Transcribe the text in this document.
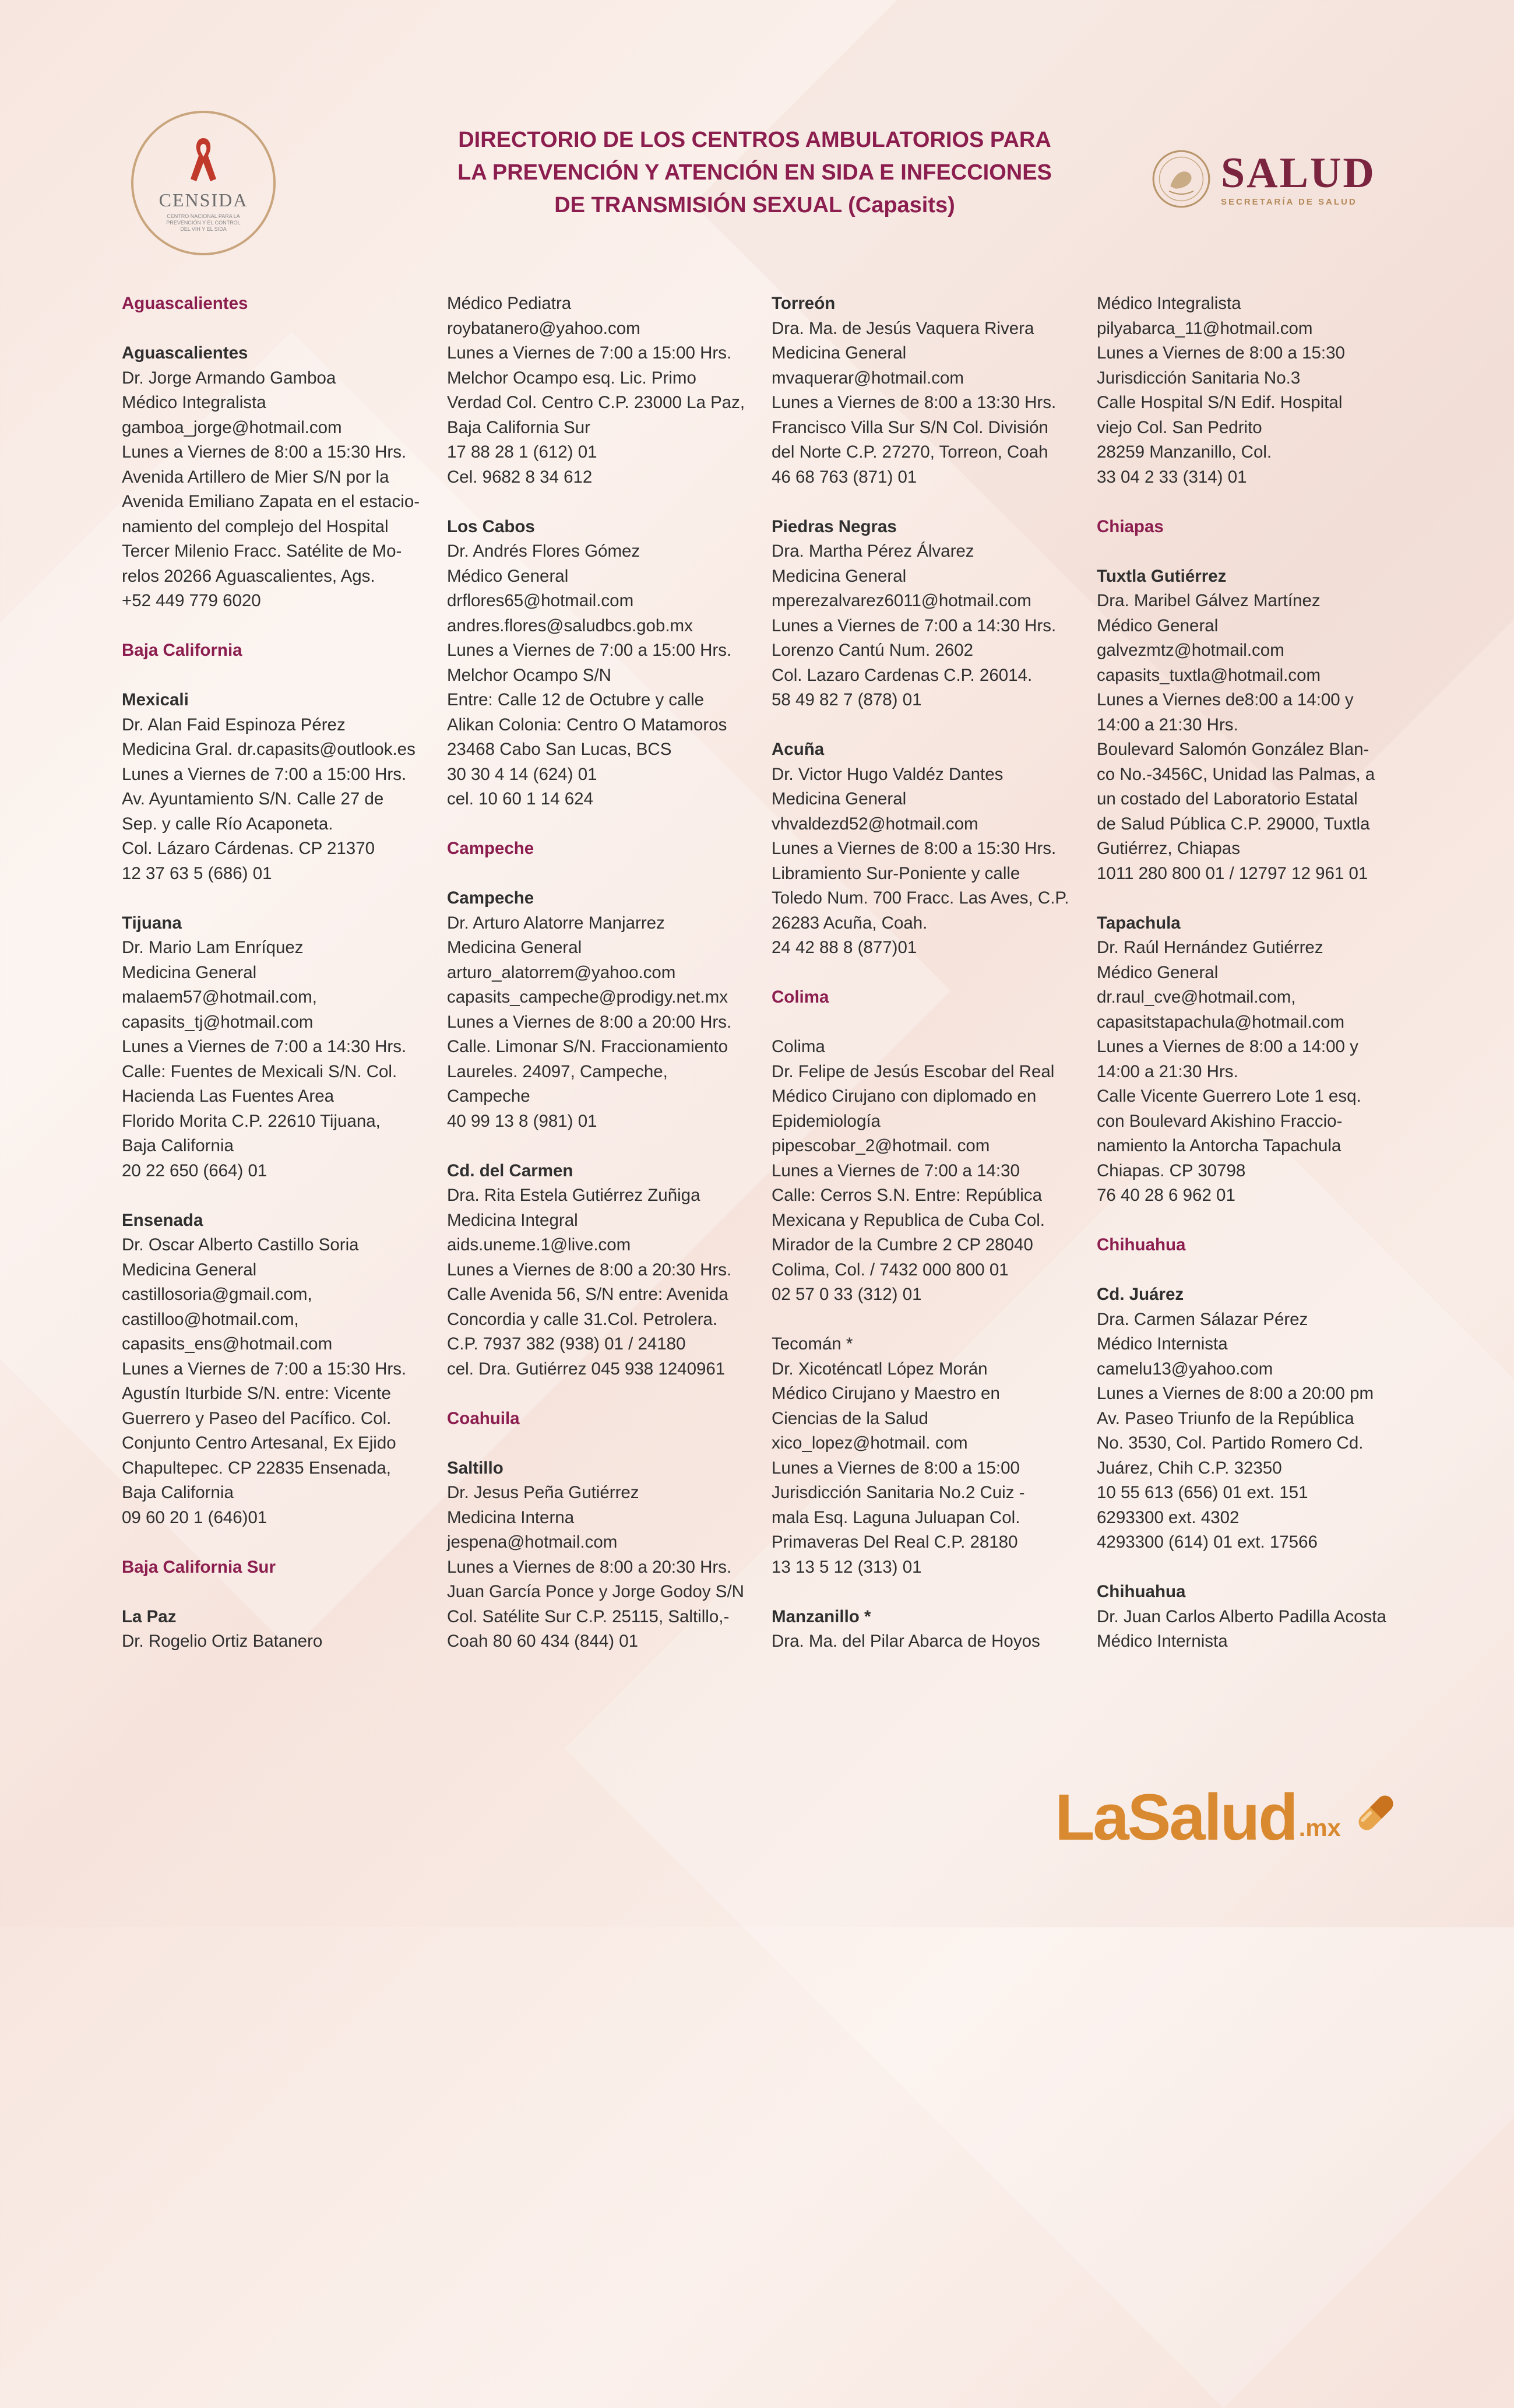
CENSIDA
CENTRO NACIONAL PARA LA PREVENCIÓN Y EL CONTROL DEL VIH Y EL SIDA
DIRECTORIO DE LOS CENTROS AMBULATORIOS PARA
LA PREVENCIÓN Y ATENCIÓN EN SIDA E INFECCIONES
DE TRANSMISIÓN SEXUAL (Capasits)
SALUD
SECRETARÍA DE SALUD
Aguascalientes
Aguascalientes
Dr. Jorge Armando Gamboa
Médico Integralista
gamboa_jorge@hotmail.com
Lunes a Viernes de 8:00 a 15:30 Hrs.
Avenida Artillero de Mier S/N por la
Avenida Emiliano Zapata en el estacio-
namiento del complejo del Hospital
Tercer Milenio Fracc. Satélite de Mo-
relos 20266 Aguascalientes, Ags.
+52 449 779 6020
Baja California
Mexicali
Dr. Alan Faid Espinoza Pérez
Medicina Gral. dr.capasits@outlook.es
Lunes a Viernes de 7:00 a 15:00 Hrs.
Av. Ayuntamiento S/N. Calle 27 de
Sep. y calle Río Acaponeta.
Col. Lázaro Cárdenas. CP 21370
12 37 63 5 (686) 01
Tijuana
Dr. Mario Lam Enríquez
Medicina General
malaem57@hotmail.com,
capasits_tj@hotmail.com
Lunes a Viernes de 7:00 a 14:30 Hrs.
Calle: Fuentes de Mexicali S/N. Col.
Hacienda Las Fuentes Area
Florido Morita C.P. 22610 Tijuana,
Baja California
20 22 650 (664) 01
Ensenada
Dr. Oscar Alberto Castillo Soria
Medicina General
castillosoria@gmail.com,
castilloo@hotmail.com,
capasits_ens@hotmail.com
Lunes a Viernes de 7:00 a 15:30 Hrs.
Agustín Iturbide S/N. entre: Vicente
Guerrero y Paseo del Pacífico. Col.
Conjunto Centro Artesanal, Ex Ejido
Chapultepec. CP 22835 Ensenada,
Baja California
09 60 20 1 (646)01
Baja California Sur
La Paz
Dr. Rogelio Ortiz Batanero
Médico Pediatra
roybatanero@yahoo.com
Lunes a Viernes de 7:00 a 15:00 Hrs.
Melchor Ocampo esq. Lic. Primo
Verdad Col. Centro C.P. 23000 La Paz,
Baja California Sur
17 88 28 1 (612) 01
Cel. 9682 8 34 612
Los Cabos
Dr. Andrés Flores Gómez
Médico General
drflores65@hotmail.com
andres.flores@saludbcs.gob.mx
Lunes a Viernes de 7:00 a 15:00 Hrs.
Melchor Ocampo S/N
Entre: Calle 12 de Octubre y calle
Alikan Colonia: Centro O Matamoros
23468 Cabo San Lucas, BCS
30 30 4 14 (624) 01
cel. 10 60 1 14 624
Campeche
Campeche
Dr. Arturo Alatorre Manjarrez
Medicina General
arturo_alatorrem@yahoo.com
capasits_campeche@prodigy.net.mx
Lunes a Viernes de 8:00 a 20:00 Hrs.
Calle. Limonar S/N. Fraccionamiento
Laureles. 24097, Campeche,
Campeche
40 99 13 8 (981) 01
Cd. del Carmen
Dra. Rita Estela Gutiérrez Zuñiga
Medicina Integral
aids.uneme.1@live.com
Lunes a Viernes de 8:00 a 20:30 Hrs.
Calle Avenida 56, S/N entre: Avenida
Concordia y calle 31.Col. Petrolera.
C.P. 7937 382 (938) 01 / 24180
cel. Dra. Gutiérrez 045 938 1240961
Coahuila
Saltillo
Dr. Jesus Peña Gutiérrez
Medicina Interna
jespena@hotmail.com
Lunes a Viernes de 8:00 a 20:30 Hrs.
Juan García Ponce y Jorge Godoy S/N
Col. Satélite Sur C.P. 25115, Saltillo,-
Coah 80 60 434 (844) 01
Torreón
Dra. Ma. de Jesús Vaquera Rivera
Medicina General
mvaquerar@hotmail.com
Lunes a Viernes de 8:00 a 13:30 Hrs.
Francisco Villa Sur S/N Col. División
del Norte C.P. 27270, Torreon, Coah
46 68 763 (871) 01
Piedras Negras
Dra. Martha Pérez Álvarez
Medicina General
mperezalvarez6011@hotmail.com
Lunes a Viernes de 7:00 a 14:30 Hrs.
Lorenzo Cantú Num. 2602
Col. Lazaro Cardenas C.P. 26014.
58 49 82 7 (878) 01
Acuña
Dr. Victor Hugo Valdéz Dantes
Medicina General
vhvaldezd52@hotmail.com
Lunes a Viernes de 8:00 a 15:30 Hrs.
Libramiento Sur-Poniente y calle
Toledo Num. 700 Fracc. Las Aves, C.P.
26283 Acuña, Coah.
24 42 88 8 (877)01
Colima
Colima
Dr. Felipe de Jesús Escobar del Real
Médico Cirujano con diplomado en
Epidemiología
pipescobar_2@hotmail. com
Lunes a Viernes de 7:00 a 14:30
Calle: Cerros S.N. Entre: República
Mexicana y Republica de Cuba Col.
Mirador de la Cumbre 2 CP 28040
Colima, Col. / 7432 000 800 01
02 57 0 33 (312) 01
Tecomán *
Dr. Xicoténcatl López Morán
Médico Cirujano y Maestro en
Ciencias de la Salud
xico_lopez@hotmail. com
Lunes a Viernes de 8:00 a 15:00
Jurisdicción Sanitaria No.2 Cuiz -
mala Esq. Laguna Juluapan Col.
Primaveras Del Real C.P. 28180
13 13 5 12 (313) 01
Manzanillo *
Dra. Ma. del Pilar Abarca de Hoyos
Médico Integralista
pilyabarca_11@hotmail.com
Lunes a Viernes de 8:00 a 15:30
Jurisdicción Sanitaria No.3
Calle Hospital S/N Edif. Hospital
viejo Col. San Pedrito
28259 Manzanillo, Col.
33 04 2 33 (314) 01
Chiapas
Tuxtla Gutiérrez
Dra. Maribel Gálvez Martínez
Médico General
galvezmtz@hotmail.com
capasits_tuxtla@hotmail.com
Lunes a Viernes de8:00 a 14:00 y
14:00 a 21:30 Hrs.
Boulevard Salomón González Blan-
co No.-3456C, Unidad las Palmas, a
un costado del Laboratorio Estatal
de Salud Pública C.P. 29000, Tuxtla
Gutiérrez, Chiapas
1011 280 800 01 / 12797 12 961 01
Tapachula
Dr. Raúl Hernández Gutiérrez
Médico General
dr.raul_cve@hotmail.com,
capasitstapachula@hotmail.com
Lunes a Viernes de 8:00 a 14:00 y
14:00 a 21:30 Hrs.
Calle Vicente Guerrero Lote 1 esq.
con Boulevard Akishino Fraccio-
namiento la Antorcha Tapachula
Chiapas. CP 30798
76 40 28 6 962 01
Chihuahua
Cd. Juárez
Dra. Carmen Sálazar Pérez
Médico Internista
camelu13@yahoo.com
Lunes a Viernes de 8:00 a 20:00 pm
Av. Paseo Triunfo de la República
No. 3530, Col. Partido Romero Cd.
Juárez, Chih C.P. 32350
10 55 613 (656) 01 ext. 151
6293300 ext. 4302
4293300 (614) 01 ext. 17566
Chihuahua
Dr. Juan Carlos Alberto Padilla Acosta
Médico Internista
LaSalud .mx
